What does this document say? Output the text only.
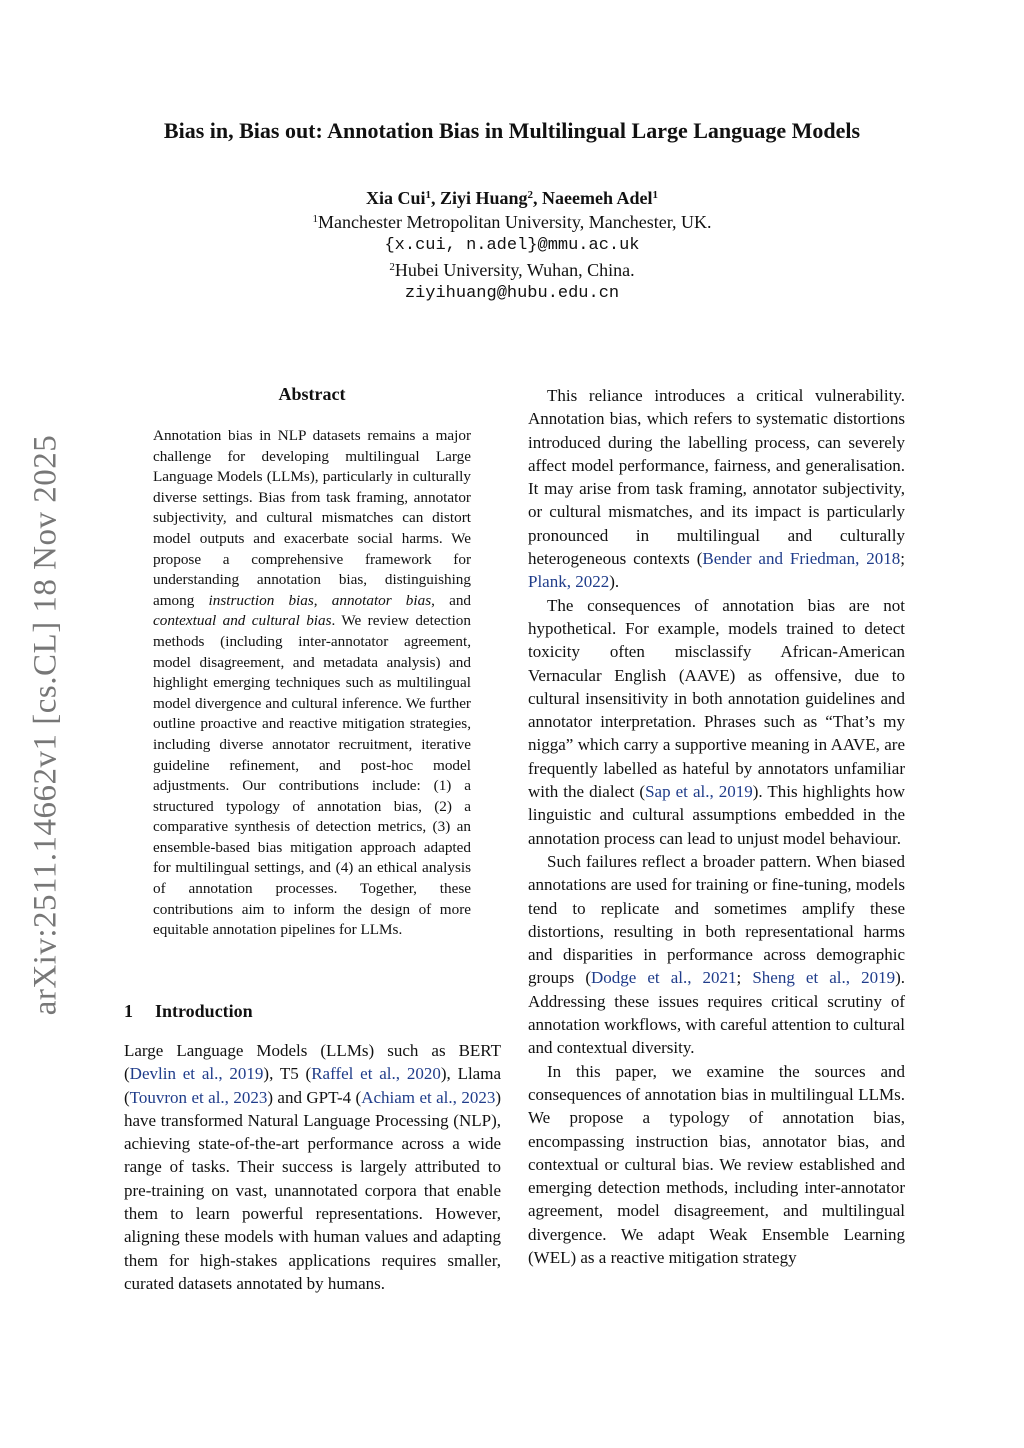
arXiv:2511.14662v1 [cs.CL] 18 Nov 2025
Bias in, Bias out: Annotation Bias in Multilingual Large Language Models
Xia Cui$^1$, Ziyi Huang$^2$, Naeemeh Adel$^1$
$^1$Manchester Metropolitan University, Manchester, UK.
{x.cui, n.adel}@mmu.ac.uk
$^2$Hubei University, Wuhan, China.
ziyihuang@hubu.edu.cn
Abstract
Annotation bias in NLP datasets remains a major challenge for developing multilingual Large Language Models (LLMs), particularly in culturally diverse settings. Bias from task framing, annotator subjectivity, and cultural mismatches can distort model outputs and exacerbate social harms. We propose a comprehensive framework for understanding annotation bias, distinguishing among instruction bias, annotator bias, and contextual and cultural bias. We review detection methods (including inter-annotator agreement, model disagreement, and metadata analysis) and highlight emerging techniques such as multilingual model divergence and cultural inference. We further outline proactive and reactive mitigation strategies, including diverse annotator recruitment, iterative guideline refinement, and post-hoc model adjustments. Our contributions include: (1) a structured typology of annotation bias, (2) a comparative synthesis of detection metrics, (3) an ensemble-based bias mitigation approach adapted for multilingual settings, and (4) an ethical analysis of annotation processes. Together, these contributions aim to inform the design of more equitable annotation pipelines for LLMs.
1 Introduction

Large Language Models (LLMs) such as BERT (Devlin et al., 2019), T5 (Raffel et al., 2020), Llama (Touvron et al., 2023) and GPT-4 (Achiam et al., 2023) have transformed Natural Language Processing (NLP), achieving state-of-the-art performance across a wide range of tasks. Their success is largely attributed to pre-training on vast, unannotated corpora that enable them to learn powerful representations. However, aligning these models with human values and adapting them for high-stakes applications requires smaller, curated datasets annotated by humans.

This reliance introduces a critical vulnerability. Annotation bias, which refers to systematic distortions introduced during the labelling process, can severely affect model performance, fairness, and generalisation. It may arise from task framing, annotator subjectivity, or cultural mismatches, and its impact is particularly pronounced in multilingual and culturally heterogeneous contexts (Bender and Friedman, 2018; Plank, 2022).

The consequences of annotation bias are not hypothetical. For example, models trained to detect toxicity often misclassify African-American Vernacular English (AAVE) as offensive, due to cultural insensitivity in both annotation guidelines and annotator interpretation. Phrases such as “That’s my nigga” which carry a supportive meaning in AAVE, are frequently labelled as hateful by annotators unfamiliar with the dialect (Sap et al., 2019). This highlights how linguistic and cultural assumptions embedded in the annotation process can lead to unjust model behaviour.

Such failures reflect a broader pattern. When biased annotations are used for training or fine-tuning, models tend to replicate and sometimes amplify these distortions, resulting in both representational harms and disparities in performance across demographic groups (Dodge et al., 2021; Sheng et al., 2019). Addressing these issues requires critical scrutiny of annotation workflows, with careful attention to cultural and contextual diversity.

In this paper, we examine the sources and consequences of annotation bias in multilingual LLMs. We propose a typology of annotation bias, encompassing instruction bias, annotator bias, and contextual or cultural bias. We review established and emerging detection methods, including inter-annotator agreement, model disagreement, and multilingual divergence. We adapt Weak Ensemble Learning (WEL) as a reactive mitigation strategy
